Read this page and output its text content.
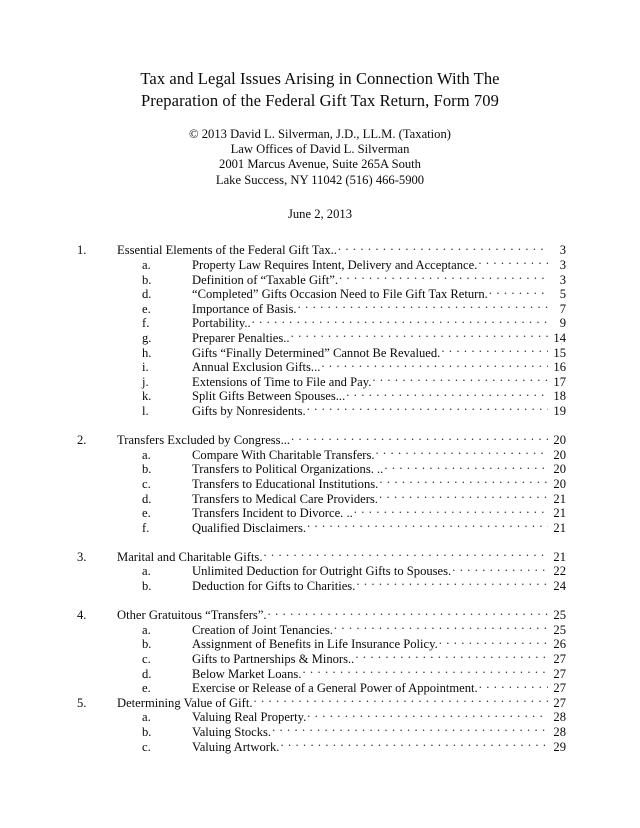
Tax and Legal Issues Arising in Connection With The
Preparation of the Federal Gift Tax Return, Form 709
© 2013 David L. Silverman, J.D., LL.M. (Taxation)
Law Offices of David L. Silverman
2001 Marcus Avenue, Suite 265A South
Lake Success, NY 11042 (516) 466-5900
June 2, 2013
1.	Essential Elements of the Federal Gift Tax.. . . .	3
a.	Property Law Requires Intent, Delivery and Acceptance. . . .	3
b.	Definition of “Taxable Gift”. . . .	3
d.	“Completed” Gifts Occasion Need to File Gift Tax Return. . . .	5
e.	Importance of Basis. . . .	7
f.	Portability.. . . .	9
g.	Preparer Penalties.. . . .	14
h.	Gifts “Finally Determined” Cannot Be Revalued. . . .	15
i.	Annual Exclusion Gifts... . . .	16
j.	Extensions of Time to File and Pay. . . .	17
k.	Split Gifts Between Spouses... . . .	18
l.	Gifts by Nonresidents. . . .	19
2.	Transfers Excluded by Congress... . . .	20
a.	Compare With Charitable Transfers. . . .	20
b.	Transfers to Political Organizations. .. . . .	20
c.	Transfers to Educational Institutions. . . .	20
d.	Transfers to Medical Care Providers. . . .	21
e.	Transfers Incident to Divorce. .. . . .	21
f.	Qualified Disclaimers. . . .	21
3.	Marital and Charitable Gifts. . . .	21
a.	Unlimited Deduction for Outright Gifts to Spouses. . . .	22
b.	Deduction for Gifts to Charities. . . .	24
4.	Other Gratuitous “Transfers”. . . .	25
a.	Creation of Joint Tenancies. . . .	25
b.	Assignment of Benefits in Life Insurance Policy. . . .	26
c.	Gifts to Partnerships & Minors.. . . .	27
d.	Below Market Loans. . . .	27
e.	Exercise or Release of a General Power of Appointment. . . .	27
5.	Determining Value of Gift. . . .	27
a.	Valuing Real Property. . . .	28
b.	Valuing Stocks. . . .	28
c.	Valuing Artwork. . . .	29
